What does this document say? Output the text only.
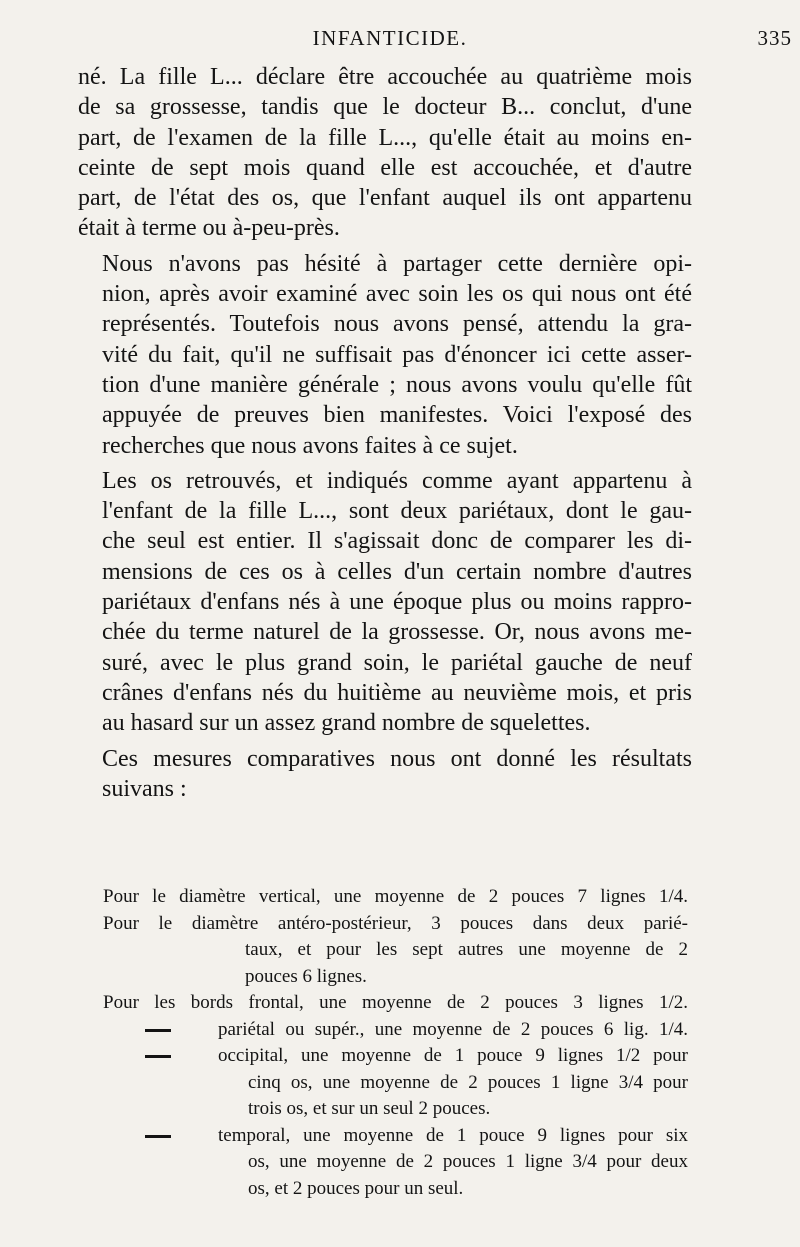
INFANTICIDE.	335

né. La fille L... déclare être accouchée au quatrième mois
de sa grossesse, tandis que le docteur B... conclut, d'une
part, de l'examen de la fille L..., qu'elle était au moins en-
ceinte de sept mois quand elle est accouchée, et d'autre
part, de l'état des os, que l'enfant auquel ils ont appartenu
était à terme ou à-peu-près.

Nous n'avons pas hésité à partager cette dernière opi-
nion, après avoir examiné avec soin les os qui nous ont été
représentés. Toutefois nous avons pensé, attendu la gra-
vité du fait, qu'il ne suffisait pas d'énoncer ici cette asser-
tion d'une manière générale ; nous avons voulu qu'elle fût
appuyée de preuves bien manifestes. Voici l'exposé des
recherches que nous avons faites à ce sujet.

Les os retrouvés, et indiqués comme ayant appartenu à
l'enfant de la fille L..., sont deux pariétaux, dont le gau-
che seul est entier. Il s'agissait donc de comparer les di-
mensions de ces os à celles d'un certain nombre d'autres
pariétaux d'enfans nés à une époque plus ou moins rappro-
chée du terme naturel de la grossesse. Or, nous avons me-
suré, avec le plus grand soin, le pariétal gauche de neuf
crânes d'enfans nés du huitième au neuvième mois, et pris
au hasard sur un assez grand nombre de squelettes.

Ces mesures comparatives nous ont donné les résultats
suivans :

Pour le diamètre vertical, une moyenne de 2 pouces 7 lignes 1/4.
Pour le diamètre antéro-postérieur, 3 pouces dans deux parié-
taux, et pour les sept autres une moyenne de 2
pouces 6 lignes.
Pour les bords frontal, une moyenne de 2 pouces 3 lignes 1/2.
pariétal ou supér., une moyenne de 2 pouces 6 lig. 1/4.
occipital, une moyenne de 1 pouce 9 lignes 1/2 pour
cinq os, une moyenne de 2 pouces 1 ligne 3/4 pour
trois os, et sur un seul 2 pouces.
temporal, une moyenne de 1 pouce 9 lignes pour six
os, une moyenne de 2 pouces 1 ligne 3/4 pour deux
os, et 2 pouces pour un seul.
